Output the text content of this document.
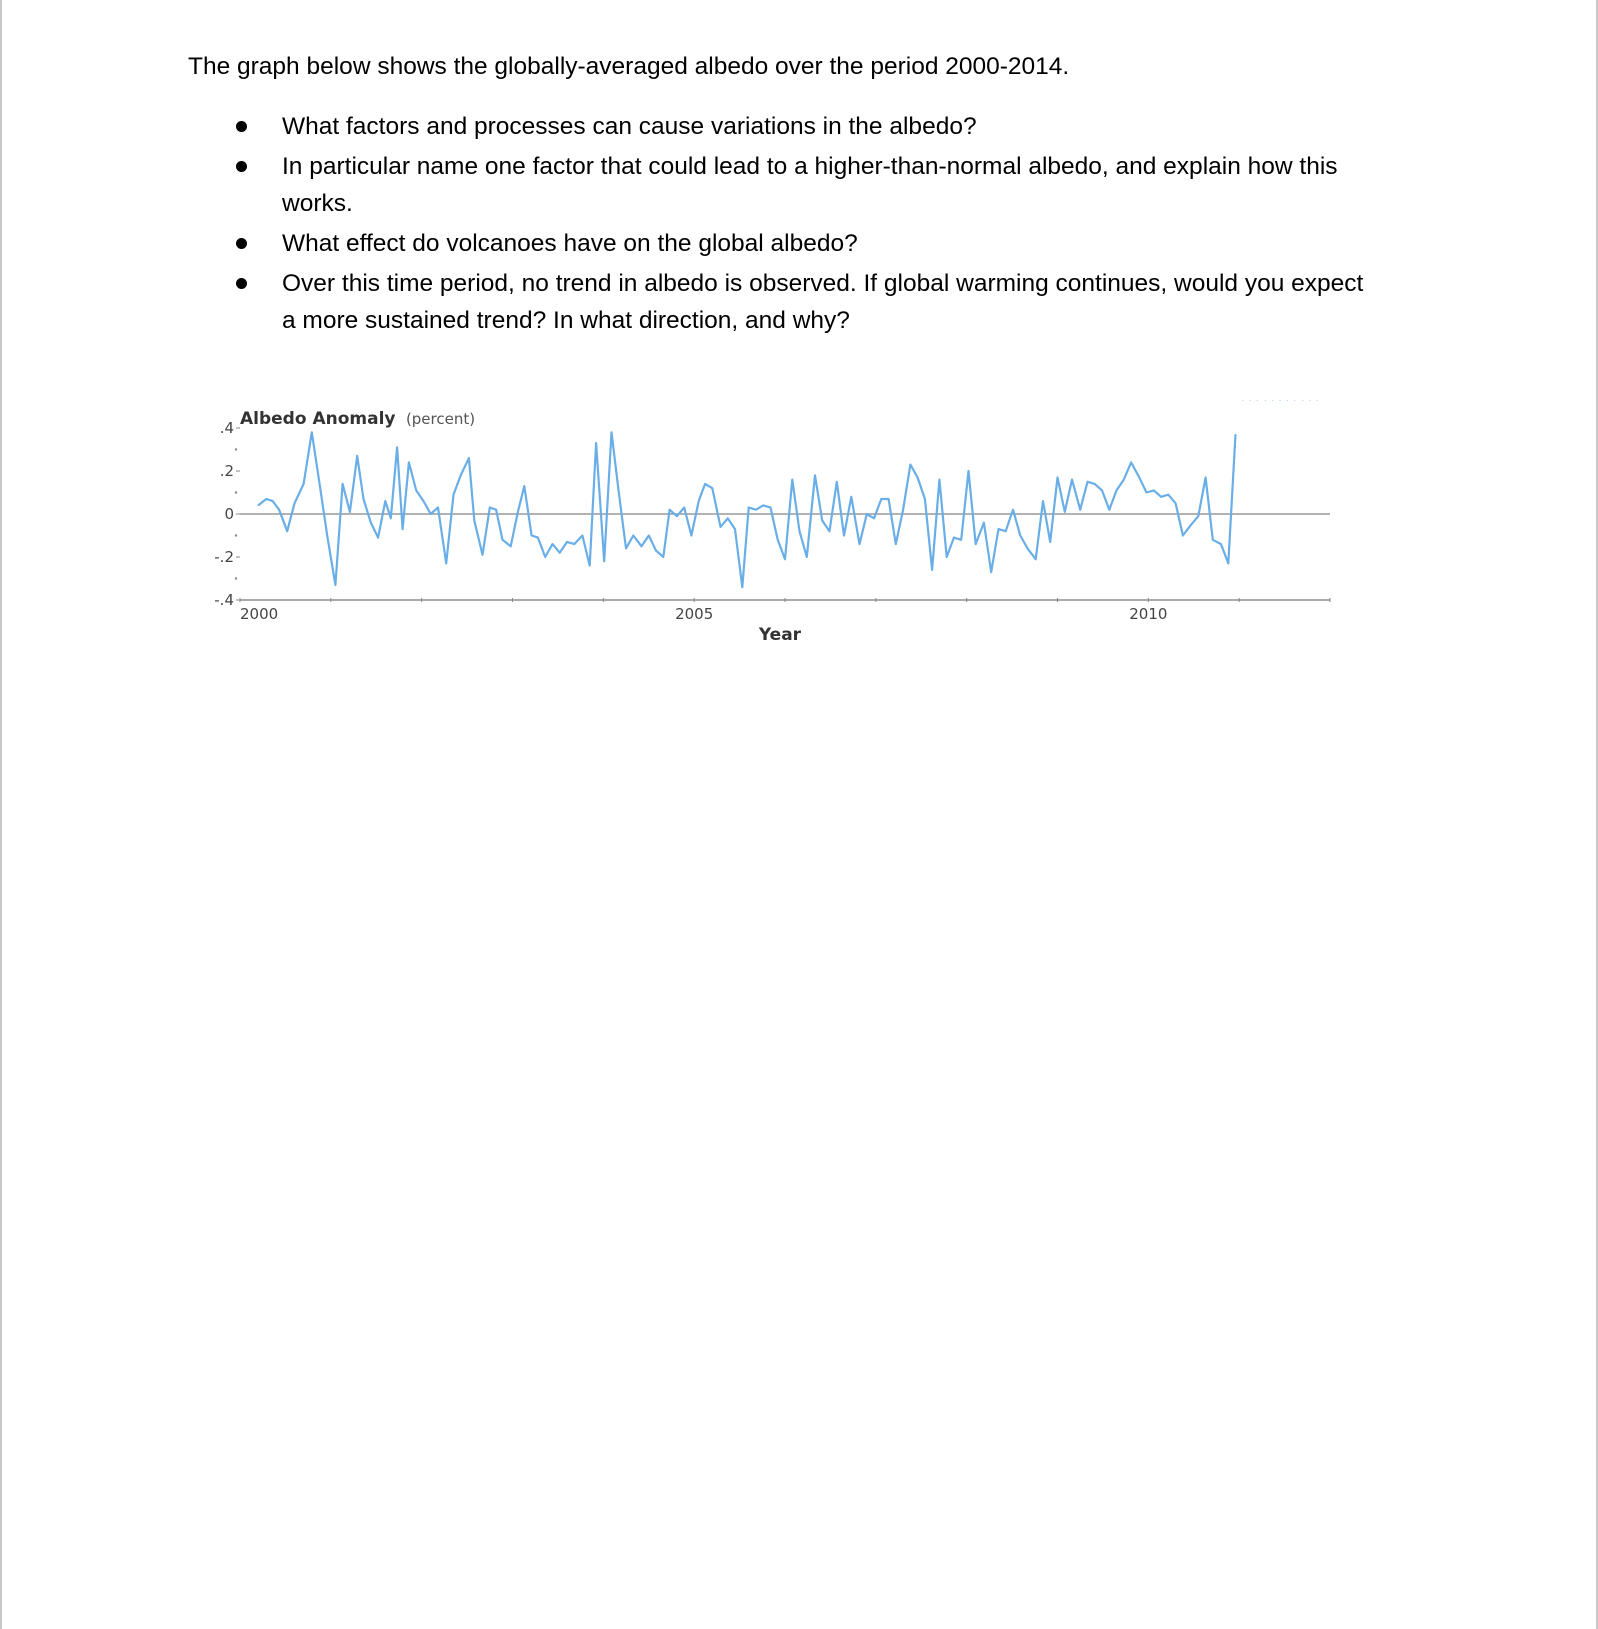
The graph below shows the globally-averaged albedo over the period 2000-2014.

What factors and processes can cause variations in the albedo?
In particular name one factor that could lead to a higher-than-normal albedo, and explain how this works.
What effect do volcanoes have on the global albedo?
Over this time period, no trend in albedo is observed. If global warming continues, would you expect a more sustained trend? In what direction, and why?
Albedo Anomaly (percent)
.4
.2
0
-.2
-.4
2000	2005	2010
Year
